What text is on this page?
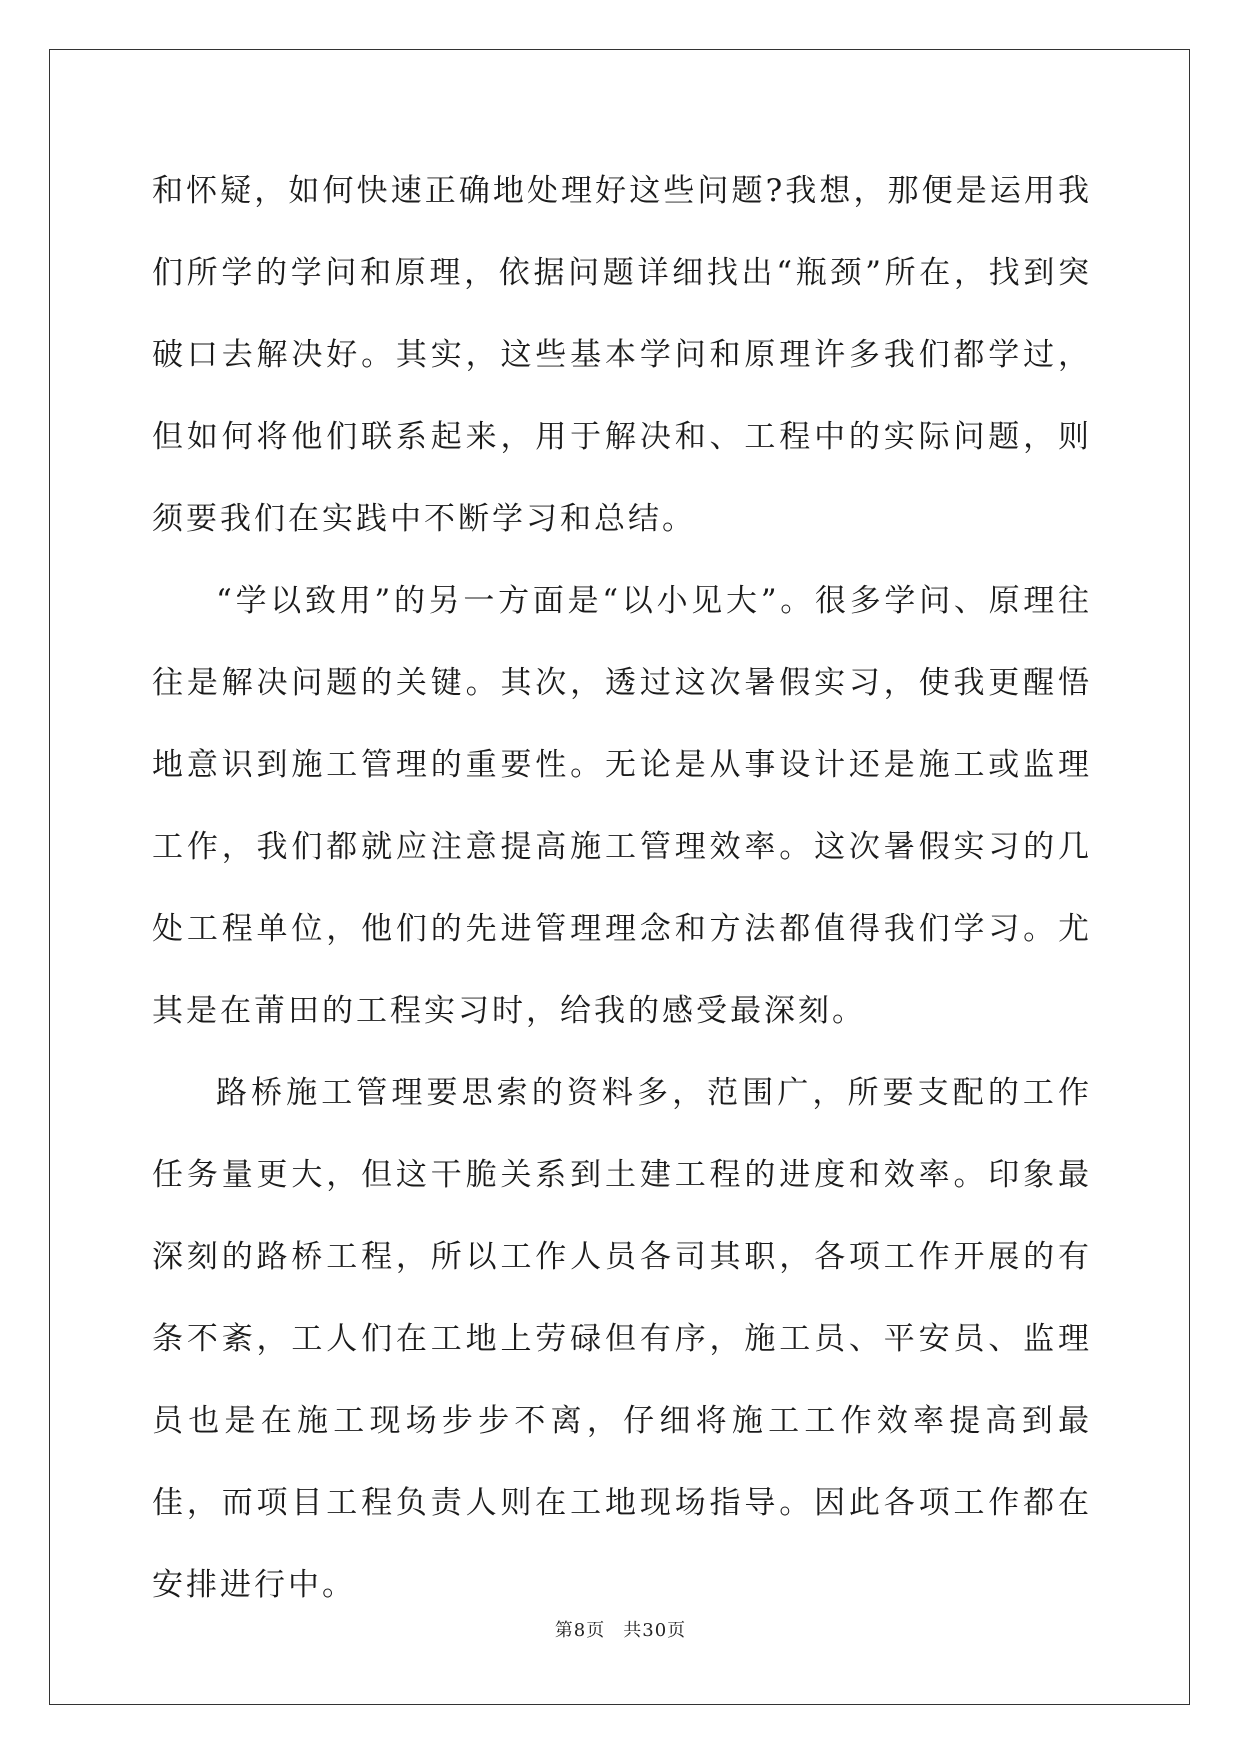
和怀疑，如何快速正确地处理好这些问题?我想，那便是运用我们所学的学问和原理，依据问题详细找出“瓶颈”所在，找到突破口去解决好。其实，这些基本学问和原理许多我们都学过，但如何将他们联系起来，用于解决和、工程中的实际问题，则须要我们在实践中不断学习和总结。

“学以致用”的另一方面是“以小见大”。很多学问、原理往往是解决问题的关键。其次，透过这次暑假实习，使我更醒悟地意识到施工管理的重要性。无论是从事设计还是施工或监理工作，我们都就应注意提高施工管理效率。这次暑假实习的几处工程单位，他们的先进管理理念和方法都值得我们学习。尤其是在莆田的工程实习时，给我的感受最深刻。

路桥施工管理要思索的资料多，范围广，所要支配的工作任务量更大，但这干脆关系到土建工程的进度和效率。印象最深刻的路桥工程，所以工作人员各司其职，各项工作开展的有条不紊，工人们在工地上劳碌但有序，施工员、平安员、监理员也是在施工现场步步不离，仔细将施工工作效率提高到最佳，而项目工程负责人则在工地现场指导。因此各项工作都在安排进行中。

第8页 共30页
